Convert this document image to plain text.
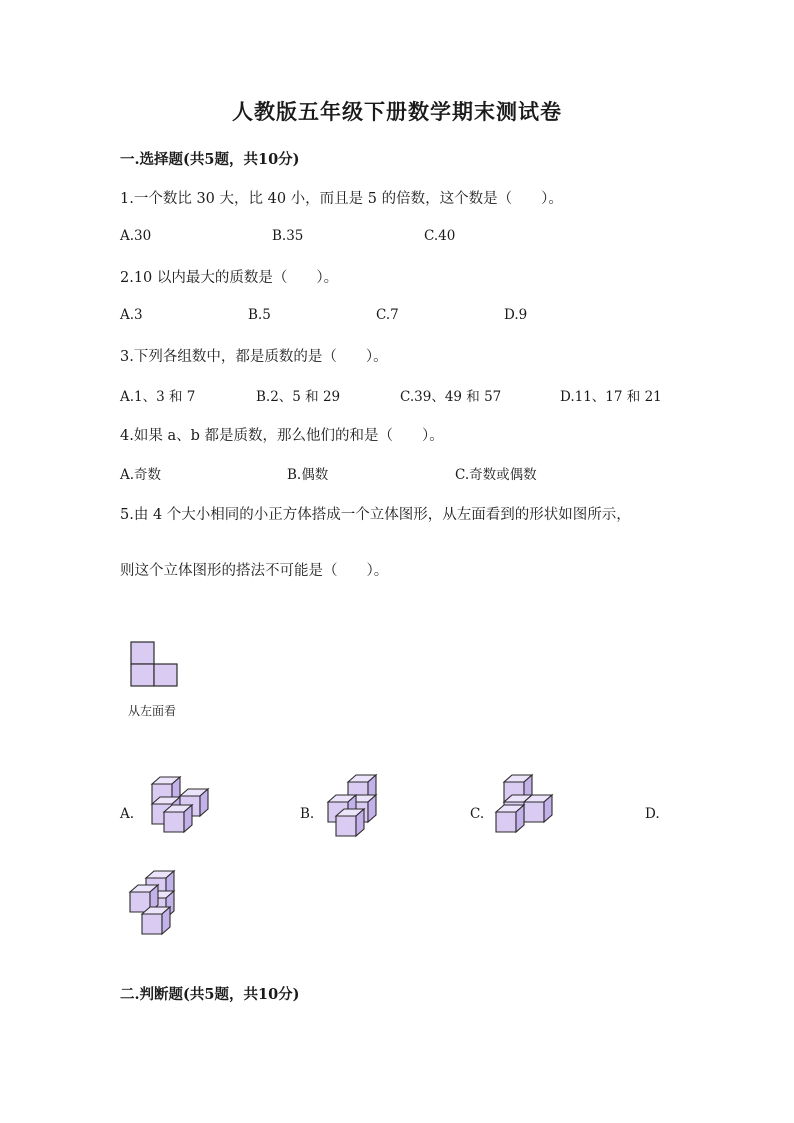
人教版五年级下册数学期末测试卷
一.选择题(共5题，共10分)
1.一个数比 30 大，比 40 小，而且是 5 的倍数，这个数是（　　）。
A.30	B.35	C.40
2.10 以内最大的质数是（　　）。
A.3	B.5	C.7	D.9
3.下列各组数中，都是质数的是（　　）。
A.1、3 和 7	B.2、5 和 29	C.39、49 和 57	D.11、17 和 21
4.如果 a、b 都是质数，那么他们的和是（　　）。
A.奇数	B.偶数	C.奇数或偶数
5.由 4 个大小相同的小正方体搭成一个立体图形，从左面看到的形状如图所示，
则这个立体图形的搭法不可能是（　　）。
从左面看
A.	B.	C.	D.
二.判断题(共5题，共10分)
